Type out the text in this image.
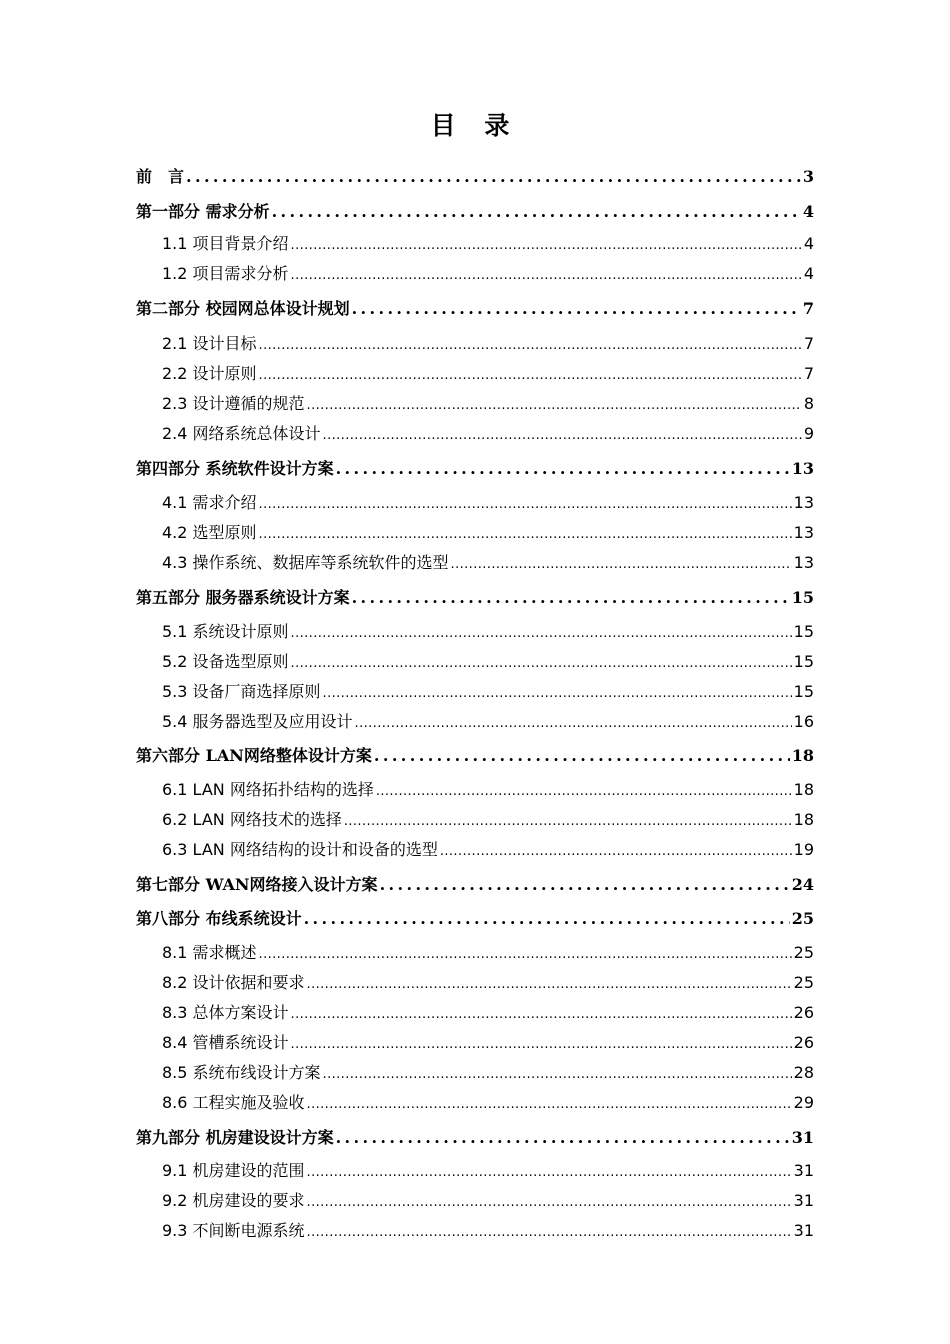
目 录
前　言 .....	3
第一部分 需求分析 .....	4
1.1 项目背景介绍 .....	4
1.2 项目需求分析 .....	4
第二部分 校园网总体设计规划 .....	7
2.1 设计目标 .....	7
2.2 设计原则 .....	7
2.3 设计遵循的规范 .....	8
2.4 网络系统总体设计 .....	9
第四部分 系统软件设计方案 .....	13
4.1 需求介绍 .....	13
4.2 选型原则 .....	13
4.3 操作系统、数据库等系统软件的选型 .....	13
第五部分 服务器系统设计方案 .....	15
5.1 系统设计原则 .....	15
5.2 设备选型原则 .....	15
5.3 设备厂商选择原则 .....	15
5.4 服务器选型及应用设计 .....	16
第六部分 LAN网络整体设计方案 .....	18
6.1 LAN 网络拓扑结构的选择 .....	18
6.2 LAN 网络技术的选择 .....	18
6.3 LAN 网络结构的设计和设备的选型 .....	19
第七部分 WAN网络接入设计方案 .....	24
第八部分 布线系统设计 .....	25
8.1 需求概述 .....	25
8.2 设计依据和要求 .....	25
8.3 总体方案设计 .....	26
8.4 管槽系统设计 .....	26
8.5 系统布线设计方案 .....	28
8.6 工程实施及验收 .....	29
第九部分 机房建设设计方案 .....	31
9.1 机房建设的范围 .....	31
9.2 机房建设的要求 .....	31
9.3 不间断电源系统 .....	31
